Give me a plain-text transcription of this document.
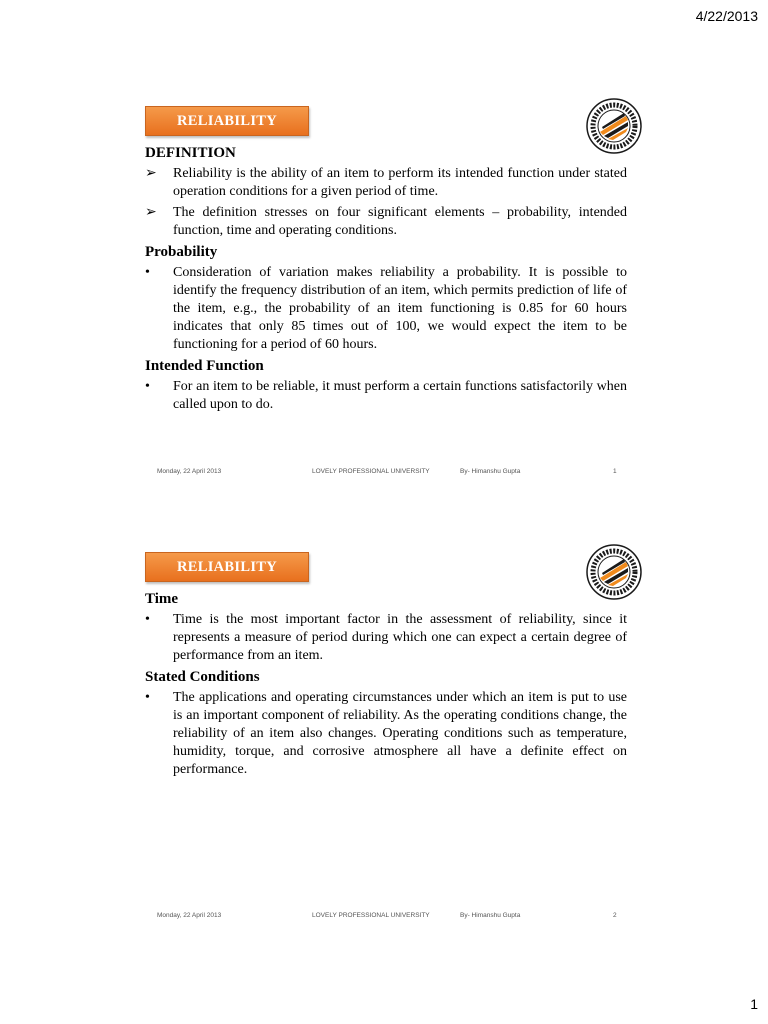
4/22/2013
RELIABILITY
DEFINITION
➢	Reliability is the ability of an item to perform its intended function under stated operation conditions for a given period of time.
➢	The definition stresses on four significant elements – probability, intended function, time and operating conditions.
Probability
•	Consideration of variation makes reliability a probability. It is possible to identify the frequency distribution of an item, which permits prediction of life of the item, e.g., the probability of an item functioning is 0.85 for 60 hours indicates that only 85 times out of 100, we would expect the item to be functioning for a period of 60 hours.
Intended Function
•	For an item to be reliable, it must perform a certain functions satisfactorily when called upon to do.
Monday, 22 April 2013	LOVELY PROFESSIONAL UNIVERSITY	By- Himanshu Gupta	1
RELIABILITY
Time
•	Time is the most important factor in the assessment of reliability, since it represents a measure of period during which one can expect a certain degree of performance from an item.
Stated Conditions
•	The applications and operating circumstances under which an item is put to use is an important component of reliability. As the operating conditions change, the reliability of an item also changes. Operating conditions such as temperature, humidity, torque, and corrosive atmosphere all have a definite effect on performance.
Monday, 22 April 2013	LOVELY PROFESSIONAL UNIVERSITY	By- Himanshu Gupta	2
1
